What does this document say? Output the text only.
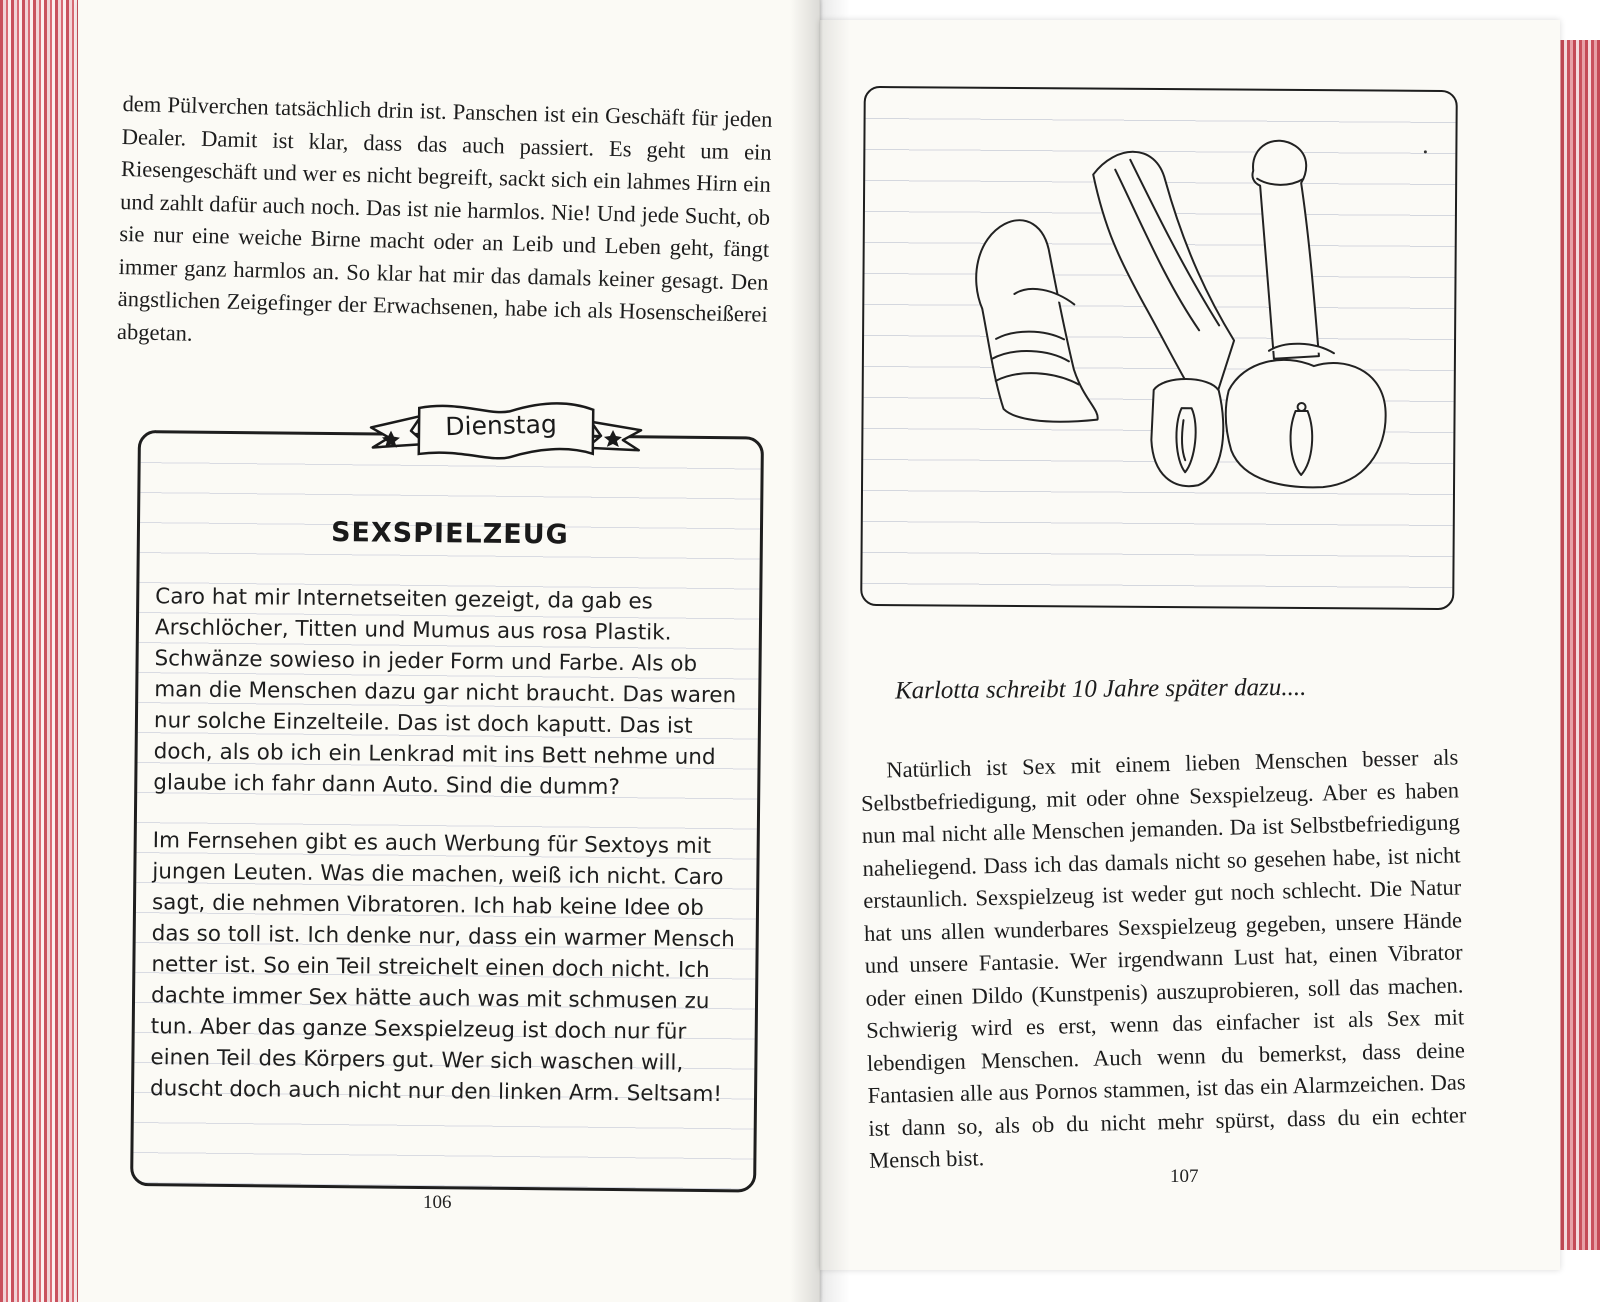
dem Pülverchen tatsächlich drin ist. Panschen ist ein Geschäft für jeden Dealer. Damit ist klar, dass das auch passiert. Es geht um ein Riesengeschäft und wer es nicht begreift, sackt sich ein lahmes Hirn ein und zahlt dafür auch noch. Das ist nie harmlos. Nie! Und jede Sucht, ob sie nur eine weiche Birne macht oder an Leib und Leben geht, fängt immer ganz harmlos an. So klar hat mir das damals keiner gesagt. Den ängstlichen Zeigefinger der Erwachsenen, habe ich als Hosenscheißerei abgetan.

Dienstag
SEXSPIELZEUG

Caro hat mir Internetseiten gezeigt, da gab es Arschlöcher, Titten und Mumus aus rosa Plastik. Schwänze sowieso in jeder Form und Farbe. Als ob man die Menschen dazu gar nicht braucht. Das waren nur solche Einzelteile. Das ist doch kaputt. Das ist doch, als ob ich ein Lenkrad mit ins Bett nehme und glaube ich fahr dann Auto. Sind die dumm?

Im Fernsehen gibt es auch Werbung für Sextoys mit jungen Leuten. Was die machen, weiß ich nicht. Caro sagt, die nehmen Vibratoren. Ich hab keine Idee ob das so toll ist. Ich denke nur, dass ein warmer Mensch netter ist. So ein Teil streichelt einen doch nicht. Ich dachte immer Sex hätte auch was mit schmusen zu tun. Aber das ganze Sexspielzeug ist doch nur für einen Teil des Körpers gut. Wer sich waschen will, duscht doch auch nicht nur den linken Arm. Seltsam!

106
Karlotta schreibt 10 Jahre später dazu....

Natürlich ist Sex mit einem lieben Menschen besser als Selbstbefriedigung, mit oder ohne Sexspielzeug. Aber es haben nun mal nicht alle Menschen jemanden. Da ist Selbstbefriedigung naheliegend. Dass ich das damals nicht so gesehen habe, ist nicht erstaunlich. Sexspielzeug ist weder gut noch schlecht. Die Natur hat uns allen wunderbares Sexspielzeug gegeben, unsere Hände und unsere Fantasie. Wer irgendwann Lust hat, einen Vibrator oder einen Dildo (Kunstpenis) auszuprobieren, soll das machen. Schwierig wird es erst, wenn das einfacher ist als Sex mit lebendigen Menschen. Auch wenn du bemerkst, dass deine Fantasien alle aus Pornos stammen, ist das ein Alarmzeichen. Das ist dann so, als ob du nicht mehr spürst, dass du ein echter Mensch bist.

107
